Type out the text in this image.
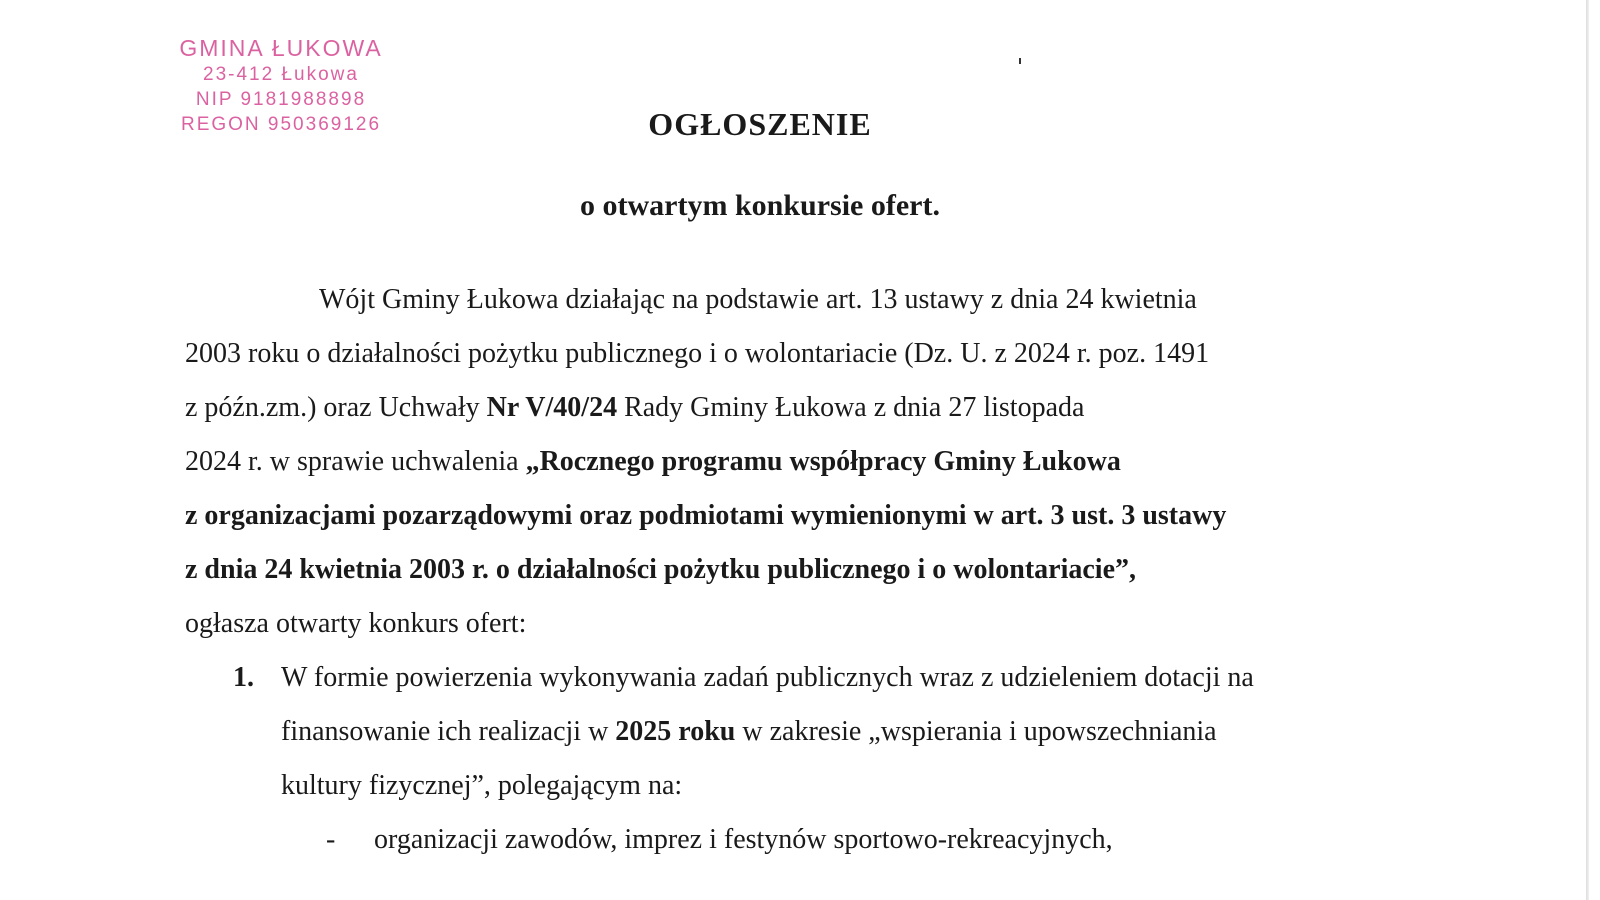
GMINA ŁUKOWA
23-412 Łukowa
NIP 9181988898
REGON 950369126	OGŁOSZENIE
o otwartym konkursie ofert.
Wójt Gminy Łukowa działając na podstawie art. 13 ustawy z dnia 24 kwietnia
2003 roku o działalności pożytku publicznego i o wolontariacie (Dz. U. z 2024 r. poz. 1491
z późn.zm.) oraz Uchwały Nr V/40/24 Rady Gminy Łukowa z dnia 27 listopada
2024 r. w sprawie uchwalenia „Rocznego programu współpracy Gminy Łukowa
z organizacjami pozarządowymi oraz podmiotami wymienionymi w art. 3 ust. 3 ustawy
z dnia 24 kwietnia 2003 r. o działalności pożytku publicznego i o wolontariacie”,
ogłasza otwarty konkurs ofert:
1. W formie powierzenia wykonywania zadań publicznych wraz z udzieleniem dotacji na
finansowanie ich realizacji w 2025 roku w zakresie „wspierania i upowszechniania
kultury fizycznej”, polegającym na:
- organizacji zawodów, imprez i festynów sportowo-rekreacyjnych,
